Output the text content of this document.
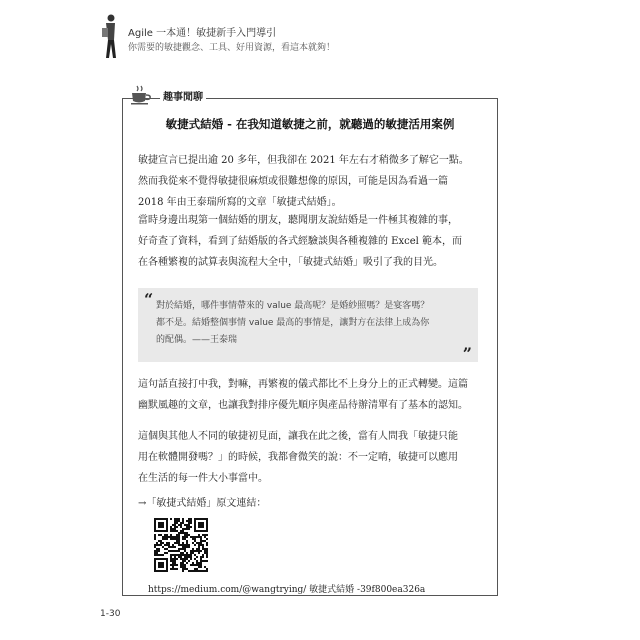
Agile 一本通！敏捷新手入門導引
你需要的敏捷觀念、工具、好用資源，看這本就夠！
趣事閒聊
敏捷式結婚 - 在我知道敏捷之前，就聽過的敏捷活用案例

敏捷宣言已提出逾 20 多年，但我卻在 2021 年左右才稍微多了解它一點。
然而我從來不覺得敏捷很麻煩或很難想像的原因，可能是因為看過一篇
2018 年由王泰瑞所寫的文章「敏捷式結婚」。

當時身邊出現第一個結婚的朋友，聽聞朋友說結婚是一件極其複雜的事，
好奇查了資料，看到了結婚版的各式經驗談與各種複雜的 Excel 範本，而
在各種繁複的試算表與流程大全中，「敏捷式結婚」吸引了我的目光。

“ 對於結婚，哪件事情帶來的 value 最高呢？是婚紗照嗎？是宴客嗎？
都不是。結婚整個事情 value 最高的事情是，讓對方在法律上成為你
的配偶。——王泰瑞
”

這句話直接打中我，對嘛，再繁複的儀式都比不上身分上的正式轉變。這篇
幽默風趣的文章，也讓我對排序優先順序與產品待辦清單有了基本的認知。

這個與其他人不同的敏捷初見面，讓我在此之後，當有人問我「敏捷只能
用在軟體開發嗎？」的時候，我都會微笑的說：不一定唷，敏捷可以應用
在生活的每一件大小事當中。

→「敏捷式結婚」原文連結：
https://medium.com/@wangtrying/ 敏捷式結婚 -39f800ea326a
1-30
